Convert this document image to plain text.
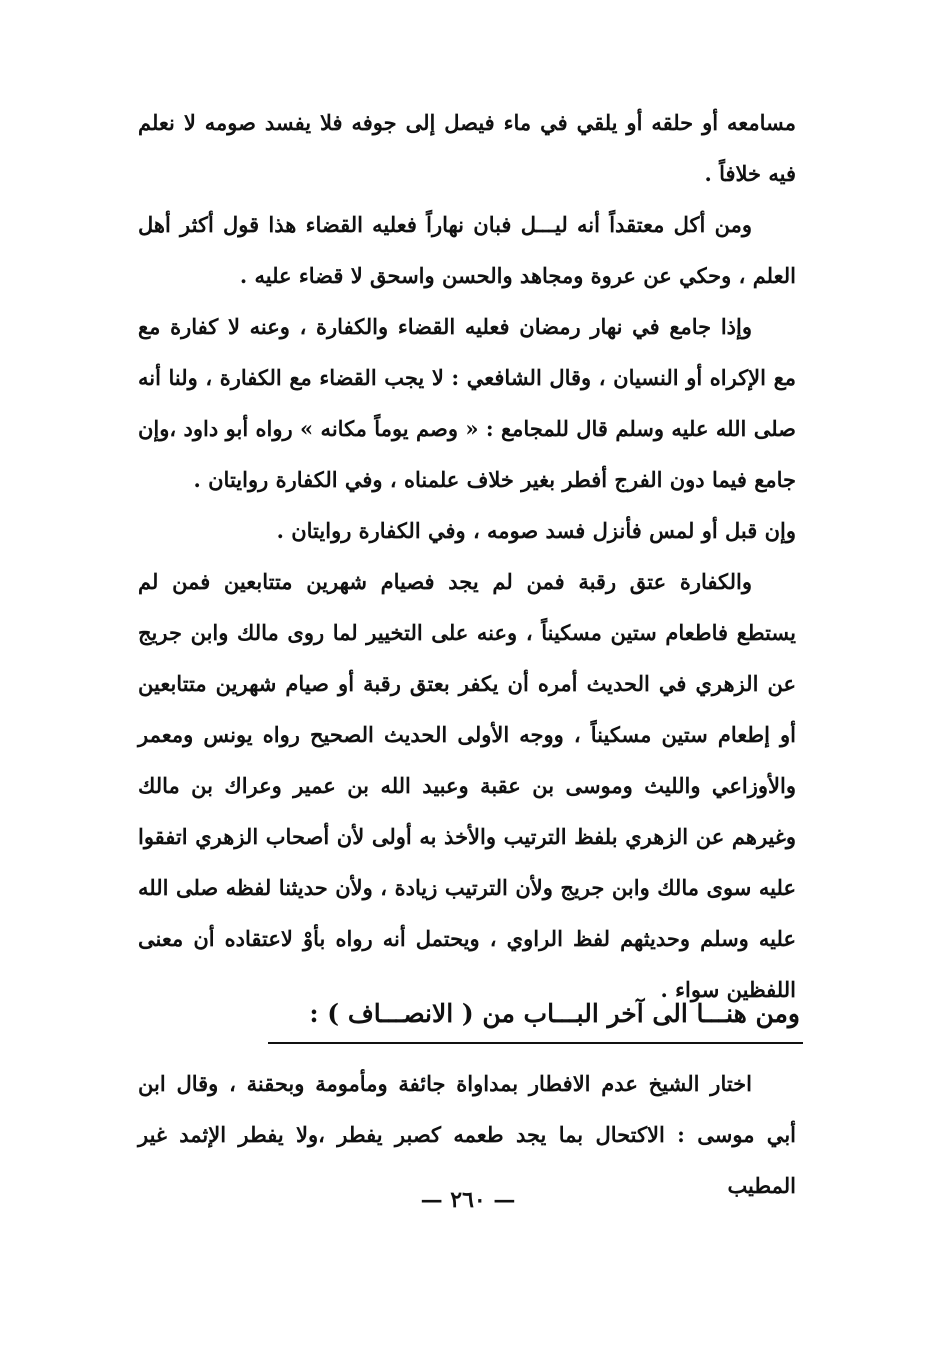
مسامعه أو حلقه أو يلقي في ماء فيصل إلى جوفه فلا يفسد صومه لا نعلم فيه خلافاً .

ومن أكل معتقداً أنه ليـــل فبان نهاراً فعليه القضاء هذا قول أكثر أهل العلم ، وحكي عن عروة ومجاهد والحسن واسحق لا قضاء عليه .

وإذا جامع في نهار رمضان فعليه القضاء والكفارة ، وعنه لا كفارة مع مع الإكراه أو النسيان ، وقال الشافعي : لا يجب القضاء مع الكفارة ، ولنا أنه صلى الله عليه وسلم قال للمجامع : « وصم يوماً مكانه » رواه أبو داود ،وإن جامع فيما دون الفرج أفطر بغير خلاف علمناه ، وفي الكفارة روايتان .

وإن قبل أو لمس فأنزل فسد صومه ، وفي الكفارة روايتان .

والكفارة عتق رقبة فمن لم يجد فصيام شهرين متتابعين فمن لم يستطع فاطعام ستين مسكيناً ، وعنه على التخيير لما روى مالك وابن جريج عن الزهري في الحديث أمره أن يكفر بعتق رقبة أو صيام شهرين متتابعين أو إطعام ستين مسكيناً ، ووجه الأولى الحديث الصحيح رواه يونس ومعمر والأوزاعي والليث وموسى بن عقبة وعبيد الله بن عمير وعراك بن مالك وغيرهم عن الزهري بلفظ الترتيب والأخذ به أولى لأن أصحاب الزهري اتفقوا عليه سوى مالك وابن جريج ولأن الترتيب زيادة ، ولأن حديثنا لفظه صلى الله عليه وسلم وحديثهم لفظ الراوي ، ويحتمل أنه رواه بأوْ لاعتقاده أن معنى اللفظين سواء .

ومن هنـــا الى آخر البـــاب من ( الانصـــاف ) :

اختار الشيخ عدم الافطار بمداواة جائفة ومأمومة وبحقنة ، وقال ابن أبي موسى : الاكتحال بما يجد طعمه كصبر يفطر ،ولا يفطر الإثمد غير المطيب

— ٢٦٠ —
